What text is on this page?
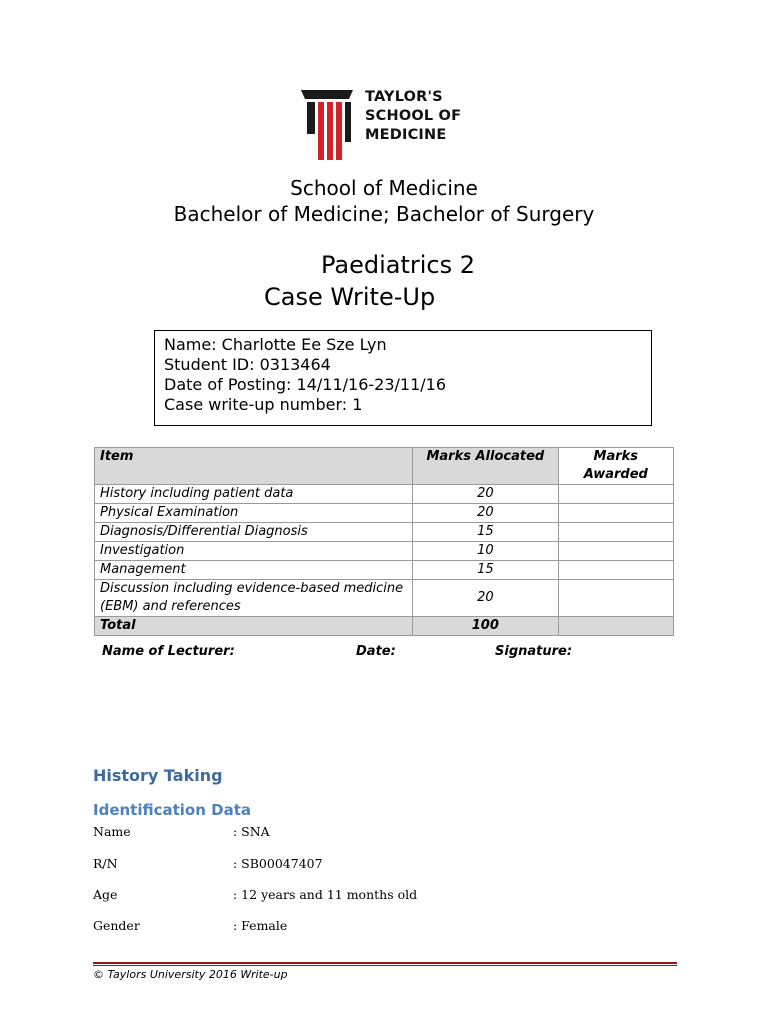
TAYLOR'S
SCHOOL OF
MEDICINE
School of Medicine
Bachelor of Medicine; Bachelor of Surgery
Paediatrics 2
Case Write-Up
Name: Charlotte Ee Sze Lyn
Student ID: 0313464
Date of Posting: 14/11/16-23/11/16
Case write-up number: 1
Item	Marks Allocated	Marks Awarded
History including patient data	20	
Physical Examination	20	
Diagnosis/Differential Diagnosis	15	
Investigation	10	
Management	15	
Discussion including evidence-based medicine (EBM) and references	20	
Total	100	
Name of Lecturer:	Date:	Signature:
History Taking
Identification Data
Name	: SNA
R/N	: SB00047407
Age	: 12 years and 11 months old
Gender	: Female
© Taylors University 2016 Write-up
